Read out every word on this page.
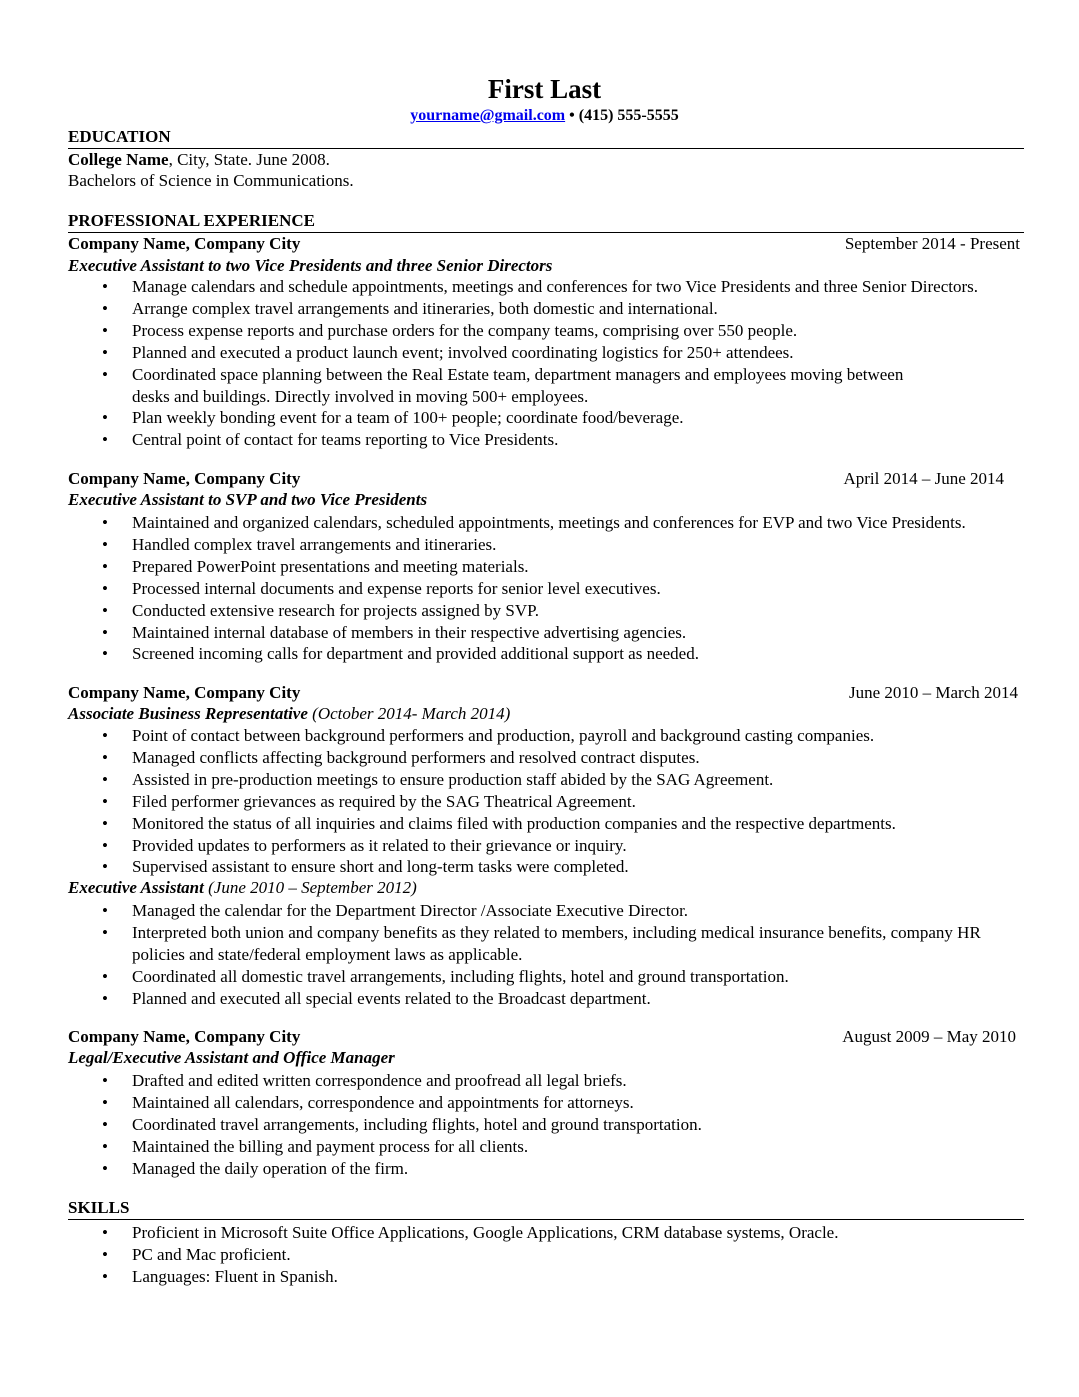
First Last
yourname@gmail.com • (415) 555-5555
EDUCATION
College Name, City, State. June 2008.
Bachelors of Science in Communications.
PROFESSIONAL EXPERIENCE
Company Name, Company City	September 2014 - Present
Executive Assistant to two Vice Presidents and three Senior Directors
• Manage calendars and schedule appointments, meetings and conferences for two Vice Presidents and three Senior Directors.
• Arrange complex travel arrangements and itineraries, both domestic and international.
• Process expense reports and purchase orders for the company teams, comprising over 550 people.
• Planned and executed a product launch event; involved coordinating logistics for 250+ attendees.
• Coordinated space planning between the Real Estate team, department managers and employees moving between
desks and buildings. Directly involved in moving 500+ employees.
• Plan weekly bonding event for a team of 100+ people; coordinate food/beverage.
• Central point of contact for teams reporting to Vice Presidents.
Company Name, Company City	April 2014 – June 2014
Executive Assistant to SVP and two Vice Presidents
• Maintained and organized calendars, scheduled appointments, meetings and conferences for EVP and two Vice Presidents.
• Handled complex travel arrangements and itineraries.
• Prepared PowerPoint presentations and meeting materials.
• Processed internal documents and expense reports for senior level executives.
• Conducted extensive research for projects assigned by SVP.
• Maintained internal database of members in their respective advertising agencies.
• Screened incoming calls for department and provided additional support as needed.
Company Name, Company City	June 2010 – March 2014
Associate Business Representative (October 2014- March 2014)
• Point of contact between background performers and production, payroll and background casting companies.
• Managed conflicts affecting background performers and resolved contract disputes.
• Assisted in pre-production meetings to ensure production staff abided by the SAG Agreement.
• Filed performer grievances as required by the SAG Theatrical Agreement.
• Monitored the status of all inquiries and claims filed with production companies and the respective departments.
• Provided updates to performers as it related to their grievance or inquiry.
• Supervised assistant to ensure short and long-term tasks were completed.
Executive Assistant (June 2010 – September 2012)
• Managed the calendar for the Department Director /Associate Executive Director.
• Interpreted both union and company benefits as they related to members, including medical insurance benefits, company HR
policies and state/federal employment laws as applicable.
• Coordinated all domestic travel arrangements, including flights, hotel and ground transportation.
• Planned and executed all special events related to the Broadcast department.
Company Name, Company City	August 2009 – May 2010
Legal/Executive Assistant and Office Manager
• Drafted and edited written correspondence and proofread all legal briefs.
• Maintained all calendars, correspondence and appointments for attorneys.
• Coordinated travel arrangements, including flights, hotel and ground transportation.
• Maintained the billing and payment process for all clients.
• Managed the daily operation of the firm.
SKILLS
• Proficient in Microsoft Suite Office Applications, Google Applications, CRM database systems, Oracle.
• PC and Mac proficient.
• Languages: Fluent in Spanish.
